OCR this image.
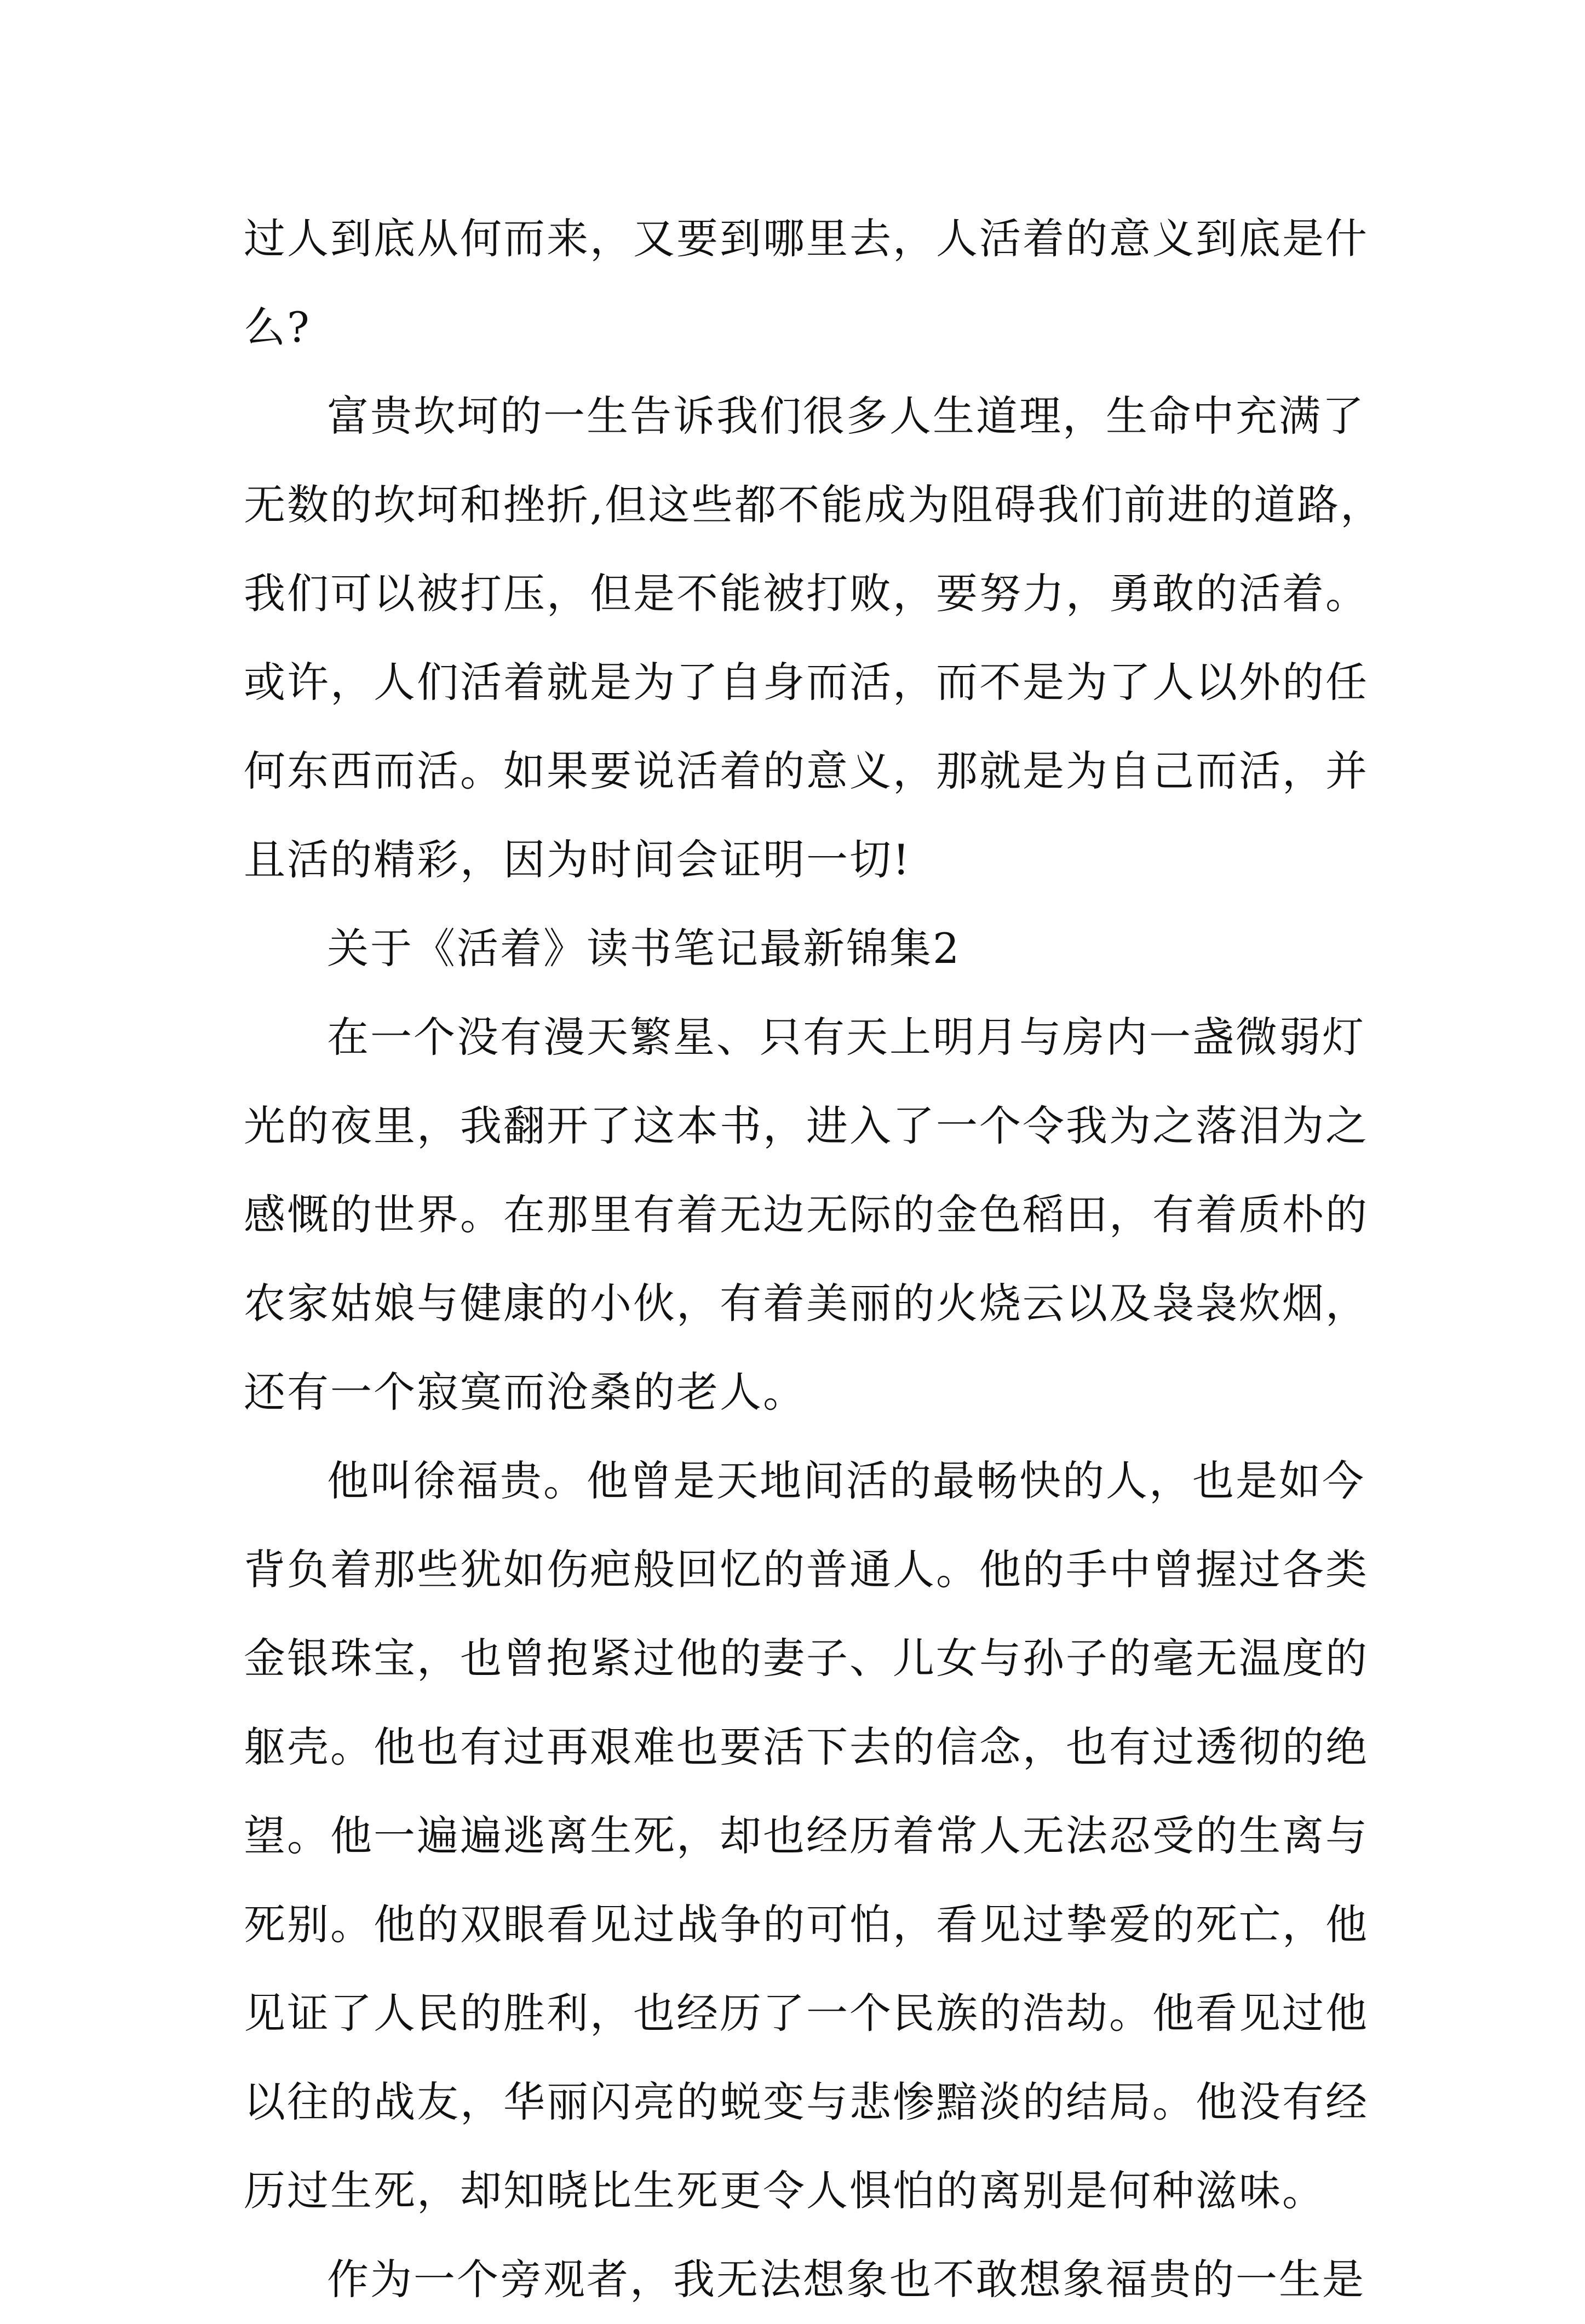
过人到底从何而来，又要到哪里去，人活着的意义到底是什
么?
富贵坎坷的一生告诉我们很多人生道理，生命中充满了
无数的坎坷和挫折,但这些都不能成为阻碍我们前进的道路，
我们可以被打压，但是不能被打败，要努力，勇敢的活着。
或许，人们活着就是为了自身而活，而不是为了人以外的任
何东西而活。如果要说活着的意义，那就是为自己而活，并
且活的精彩，因为时间会证明一切!
关于《活着》读书笔记最新锦集2
在一个没有漫天繁星、只有天上明月与房内一盏微弱灯
光的夜里，我翻开了这本书，进入了一个令我为之落泪为之
感慨的世界。在那里有着无边无际的金色稻田，有着质朴的
农家姑娘与健康的小伙，有着美丽的火烧云以及袅袅炊烟，
还有一个寂寞而沧桑的老人。
他叫徐福贵。他曾是天地间活的最畅快的人，也是如今
背负着那些犹如伤疤般回忆的普通人。他的手中曾握过各类
金银珠宝，也曾抱紧过他的妻子、儿女与孙子的毫无温度的
躯壳。他也有过再艰难也要活下去的信念，也有过透彻的绝
望。他一遍遍逃离生死，却也经历着常人无法忍受的生离与
死别。他的双眼看见过战争的可怕，看见过挚爱的死亡，他
见证了人民的胜利，也经历了一个民族的浩劫。他看见过他
以往的战友，华丽闪亮的蜕变与悲惨黯淡的结局。他没有经
历过生死，却知晓比生死更令人惧怕的离别是何种滋味。
作为一个旁观者，我无法想象也不敢想象福贵的一生是
